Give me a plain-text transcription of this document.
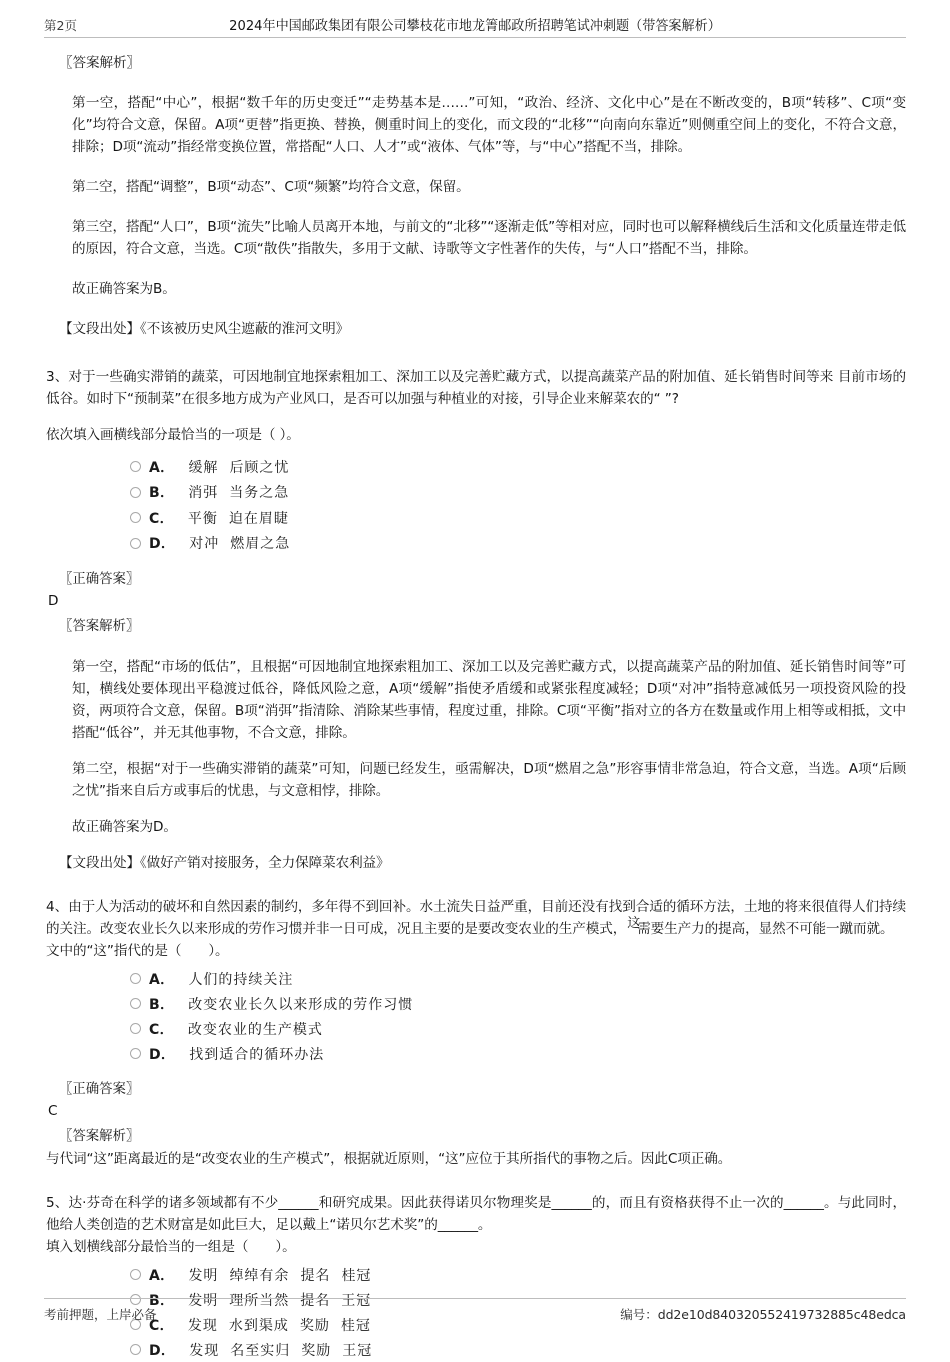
第2页	2024年中国邮政集团有限公司攀枝花市地龙箐邮政所招聘笔试冲刺题（带答案解析）
〖答案解析〗
第一空，搭配“中心”，根据“数千年的历史变迁”“走势基本是……”可知，“政治、经济、文化中心”是在不断改变的，B项“转移”、C项“变化”均符合文意，保留。A项“更替”指更换、替换，侧重时间上的变化，而文段的“北移”“向南向东靠近”则侧重空间上的变化，不符合文意，排除；D项“流动”指经常变换位置，常搭配“人口、人才”或“液体、气体”等，与“中心”搭配不当，排除。
第二空，搭配“调整”，B项“动态”、C项“频繁”均符合文意，保留。
第三空，搭配“人口”，B项“流失”比喻人员离开本地，与前文的“北移”“逐渐走低”等相对应，同时也可以解释横线后生活和文化质量连带走低的原因，符合文意，当选。C项“散佚”指散失，多用于文献、诗歌等文字性著作的失传，与“人口”搭配不当，排除。
故正确答案为B。
【文段出处】《不该被历史风尘遮蔽的淮河文明》
3、对于一些确实滞销的蔬菜，可因地制宜地探索粗加工、深加工以及完善贮藏方式，以提高蔬菜产品的附加值、延长销售时间等来 目前市场的低谷。如时下“预制菜”在很多地方成为产业风口，是否可以加强与种植业的对接，引导企业来解菜农的“ ”?
依次填入画横线部分最恰当的一项是（ ）。
A． 缓解 后顾之忧
B． 消弭 当务之急
C． 平衡 迫在眉睫
D． 对冲 燃眉之急
〖正确答案〗
D
〖答案解析〗
第一空，搭配“市场的低估”，且根据“可因地制宜地探索粗加工、深加工以及完善贮藏方式，以提高蔬菜产品的附加值、延长销售时间等”可知，横线处要体现出平稳渡过低谷，降低风险之意，A项“缓解”指使矛盾缓和或紧张程度减轻；D项“对冲”指特意减低另一项投资风险的投资，两项符合文意，保留。B项“消弭”指清除、消除某些事情，程度过重，排除。C项“平衡”指对立的各方在数量或作用上相等或相抵，文中搭配“低谷”，并无其他事物，不合文意，排除。
第二空，根据“对于一些确实滞销的蔬菜”可知，问题已经发生，亟需解决，D项“燃眉之急”形容事情非常急迫，符合文意，当选。A项“后顾之忧”指来自后方或事后的忧患，与文意相悖，排除。
故正确答案为D。
【文段出处】《做好产销对接服务，全力保障菜农利益》
4、由于人为活动的破坏和自然因素的制约，多年得不到回补。水土流失日益严重，目前还没有找到合适的循环方法，土地的将来很值得人们持续的关注。改变农业长久以来形成的劳作习惯并非一日可成，况且主要的是要改变农业的生产模式，这需要生产力的提高，显然不可能一蹴而就。
文中的“这”指代的是（　　）。
A． 人们的持续关注
B． 改变农业长久以来形成的劳作习惯
C． 改变农业的生产模式
D． 找到适合的循环办法
〖正确答案〗
C
〖答案解析〗
与代词“这”距离最近的是“改变农业的生产模式”，根据就近原则，“这”应位于其所指代的事物之后。因此C项正确。
5、达·芬奇在科学的诸多领域都有不少______和研究成果。因此获得诺贝尔物理奖是______的，而且有资格获得不止一次的______。与此同时，他给人类创造的艺术财富是如此巨大，足以戴上“诺贝尔艺术奖”的______。
填入划横线部分最恰当的一组是（　　）。
A． 发明 绰绰有余 提名 桂冠
B． 发明 理所当然 提名 王冠
C． 发现 水到渠成 奖励 桂冠
D． 发现 名至实归 奖励 王冠
考前押题，上岸必备	编号：dd2e10d840320552419732885c48edca
